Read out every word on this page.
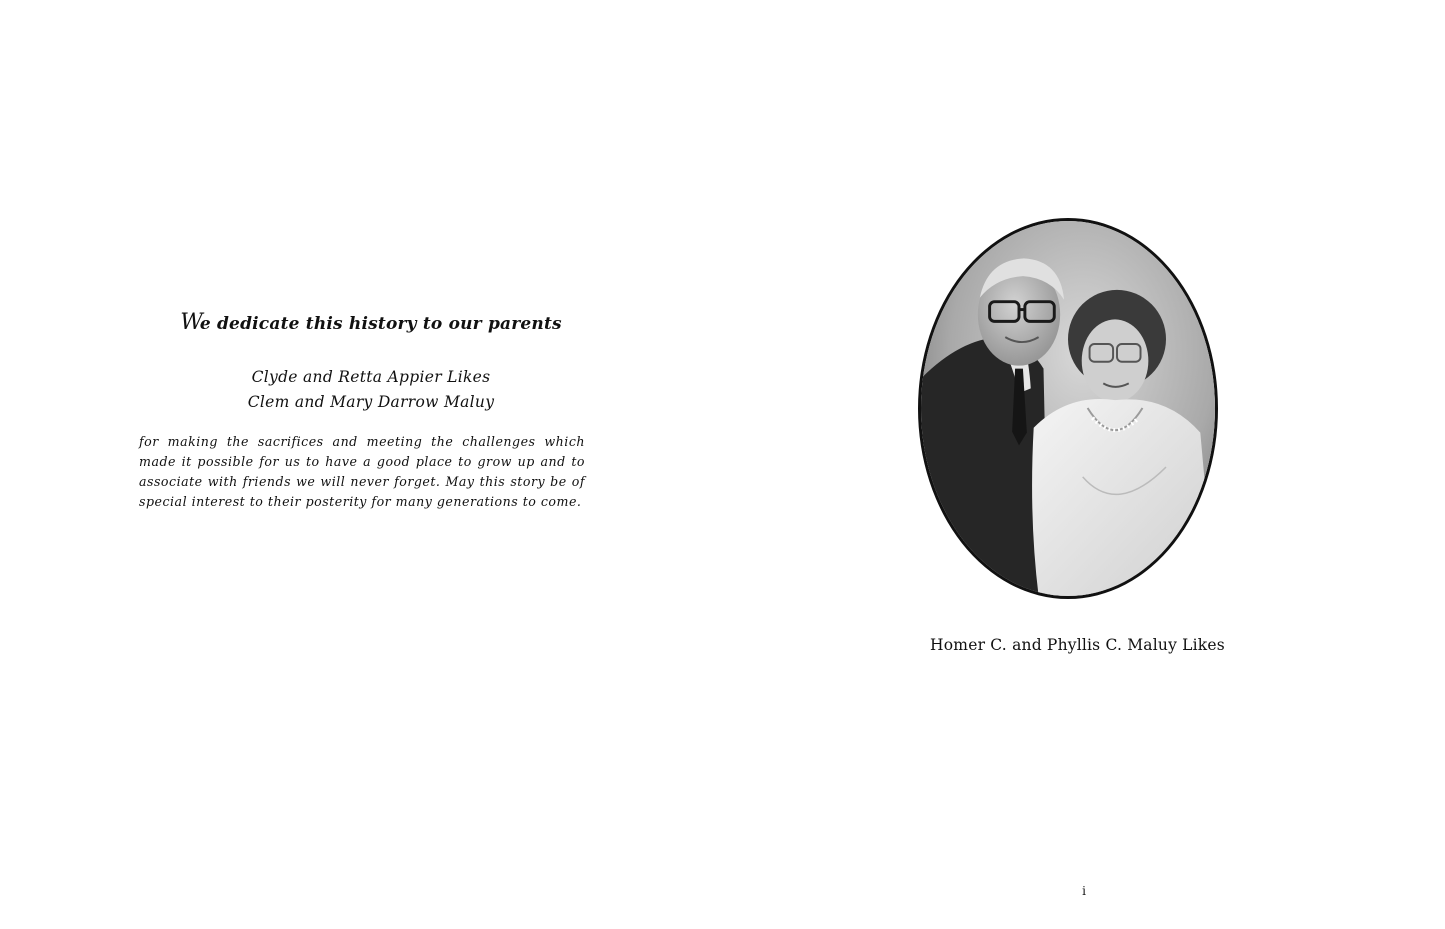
We dedicate this history to our parents
Clyde and Retta Appier Likes
Clem and Mary Darrow Maluy

for making the sacrifices and meeting the challenges which made it possible for us to have a good place to grow up and to associate with friends we will never forget. May this story be of special interest to their posterity for many generations to come.

Homer C. and Phyllis C. Maluy Likes

i
